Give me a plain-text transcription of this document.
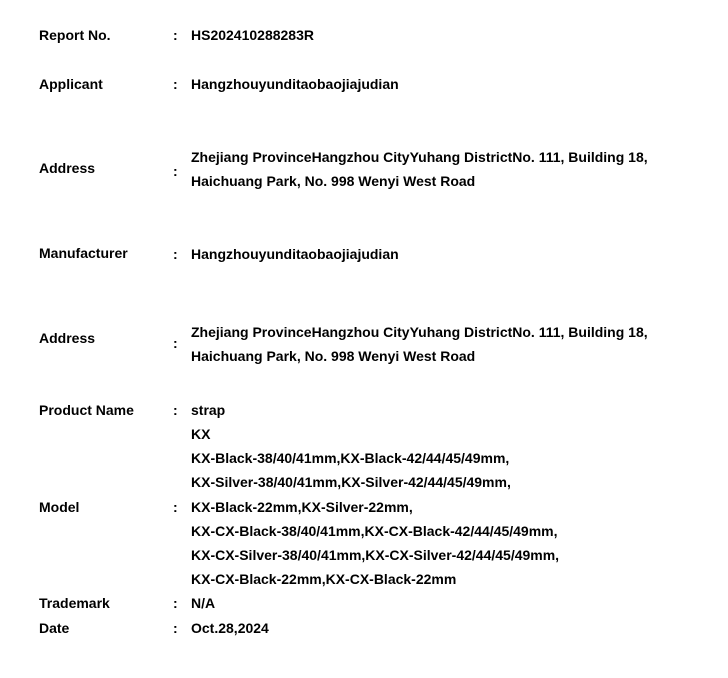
Report No.	: HS202410288283R
Applicant	: Hangzhouyunditaobaojiajudian
Address	:
Zhejiang ProvinceHangzhou CityYuhang DistrictNo. 111, Building 18,
Haichuang Park, No. 998 Wenyi West Road
Manufacturer	: Hangzhouyunditaobaojiajudian
Address	:
Zhejiang ProvinceHangzhou CityYuhang DistrictNo. 111, Building 18,
Haichuang Park, No. 998 Wenyi West Road
Product Name	: strap
Model	:
KX
KX-Black-38/40/41mm,KX-Black-42/44/45/49mm,
KX-Silver-38/40/41mm,KX-Silver-42/44/45/49mm,
KX-Black-22mm,KX-Silver-22mm,
KX-CX-Black-38/40/41mm,KX-CX-Black-42/44/45/49mm,
KX-CX-Silver-38/40/41mm,KX-CX-Silver-42/44/45/49mm,
KX-CX-Black-22mm,KX-CX-Black-22mm
Trademark	: N/A
Date	: Oct.28,2024
